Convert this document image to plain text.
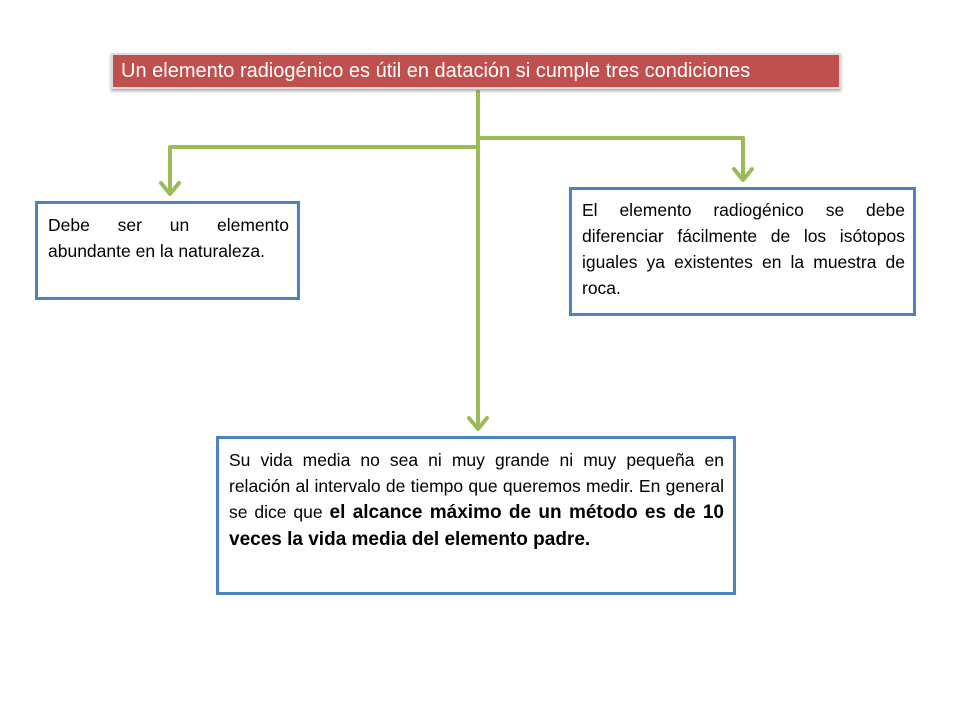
Un elemento radiogénico es útil en datación si cumple tres condiciones
Debe ser un elemento abundante en la naturaleza.
El elemento radiogénico se debe diferenciar fácilmente de los isótopos iguales ya existentes en la muestra de roca.
Su vida media no sea ni muy grande ni muy pequeña en relación al intervalo de tiempo que queremos medir. En general se dice que el alcance máximo de un método es de 10 veces la vida media del elemento padre.
